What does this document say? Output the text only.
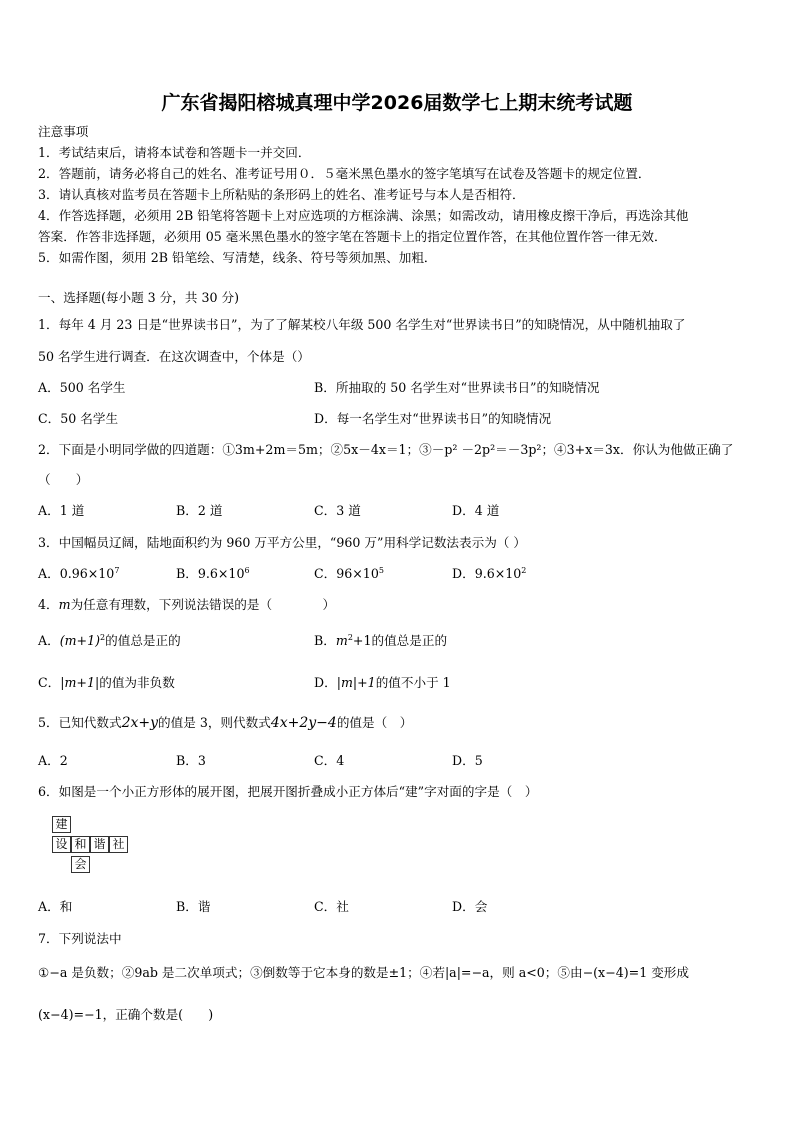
广东省揭阳榕城真理中学2026届数学七上期末统考试题
注意事项
1．考试结束后，请将本试卷和答题卡一并交回．
2．答题前，请务必将自己的姓名、准考证号用０．５毫米黑色墨水的签字笔填写在试卷及答题卡的规定位置．
3．请认真核对监考员在答题卡上所粘贴的条形码上的姓名、准考证号与本人是否相符．
4．作答选择题，必须用 2B 铅笔将答题卡上对应选项的方框涂满、涂黑；如需改动，请用橡皮擦干净后，再选涂其他
答案．作答非选择题，必须用 05 毫米黑色墨水的签字笔在答题卡上的指定位置作答，在其他位置作答一律无效．
5．如需作图，须用 2B 铅笔绘、写清楚，线条、符号等须加黑、加粗．
一、选择题(每小题 3 分，共 30 分)
1．每年 4 月 23 日是“世界读书日”，为了了解某校八年级 500 名学生对“世界读书日”的知晓情况，从中随机抽取了
50 名学生进行调查．在这次调查中，个体是（）
A．500 名学生	B．所抽取的 50 名学生对“世界读书日”的知晓情况
C．50 名学生	D．每一名学生对“世界读书日”的知晓情况
2．下面是小明同学做的四道题：①3m+2m＝5m；②5x－4x＝1；③－p² －2p²＝－3p²；④3+x＝3x．你认为他做正确了
（　　）
A．1 道	B．2 道	C．3 道	D．4 道
3．中国幅员辽阔，陆地面积约为 960 万平方公里，“960 万”用科学记数法表示为（ ）
A．$0.96\times 10^7$	B．$9.6\times 10^6$	C．$96\times 10^5$	D．$9.6\times 10^2$
4．m为任意有理数，下列说法错误的是（　　　　）
A．$(m+1)^2$的值总是正的	B．$m^2+1$的值总是正的
C．|m+1|的值为非负数	D．|m|+1的值不小于 1
5．已知代数式2x+y的值是 3，则代数式4x+2y−4的值是（　）
A．2	B．3	C．4	D．5
6．如图是一个小正方形体的展开图，把展开图折叠成小正方体后“建”字对面的字是（　）
建
设 和 谐 社
会
A．和	B．谐	C．社	D．会
7．下列说法中
①−a 是负数；②9ab 是二次单项式；③倒数等于它本身的数是±1；④若|a|=−a，则 a<0；⑤由−(x−4)=1 变形成
(x−4)=−1，正确个数是(　　)
